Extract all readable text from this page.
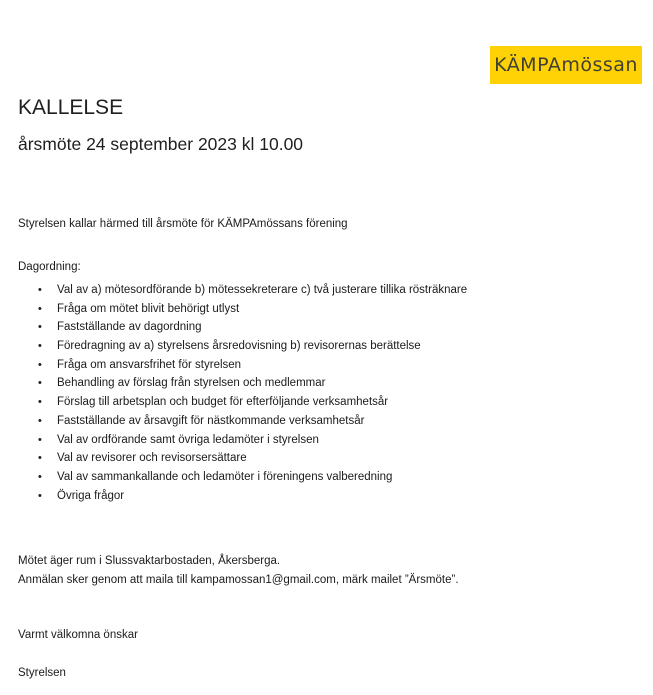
KÄMPAmössan
KALLELSE
årsmöte 24 september 2023 kl 10.00
Styrelsen kallar härmed till årsmöte för KÄMPAmössans förening
Dagordning:
• Val av a) mötesordförande b) mötessekreterare c) två justerare tillika rösträknare
• Fråga om mötet blivit behörigt utlyst
• Fastställande av dagordning
• Föredragning av a) styrelsens årsredovisning b) revisorernas berättelse
• Fråga om ansvarsfrihet för styrelsen
• Behandling av förslag från styrelsen och medlemmar
• Förslag till arbetsplan och budget för efterföljande verksamhetsår
• Fastställande av årsavgift för nästkommande verksamhetsår
• Val av ordförande samt övriga ledamöter i styrelsen
• Val av revisorer och revisorsersättare
• Val av sammankallande och ledamöter i föreningens valberedning
• Övriga frågor
Mötet äger rum i Slussvaktarbostaden, Åkersberga.
Anmälan sker genom att maila till kampamossan1@gmail.com, märk mailet ”Ärsmöte”.
Varmt välkomna önskar
Styrelsen
